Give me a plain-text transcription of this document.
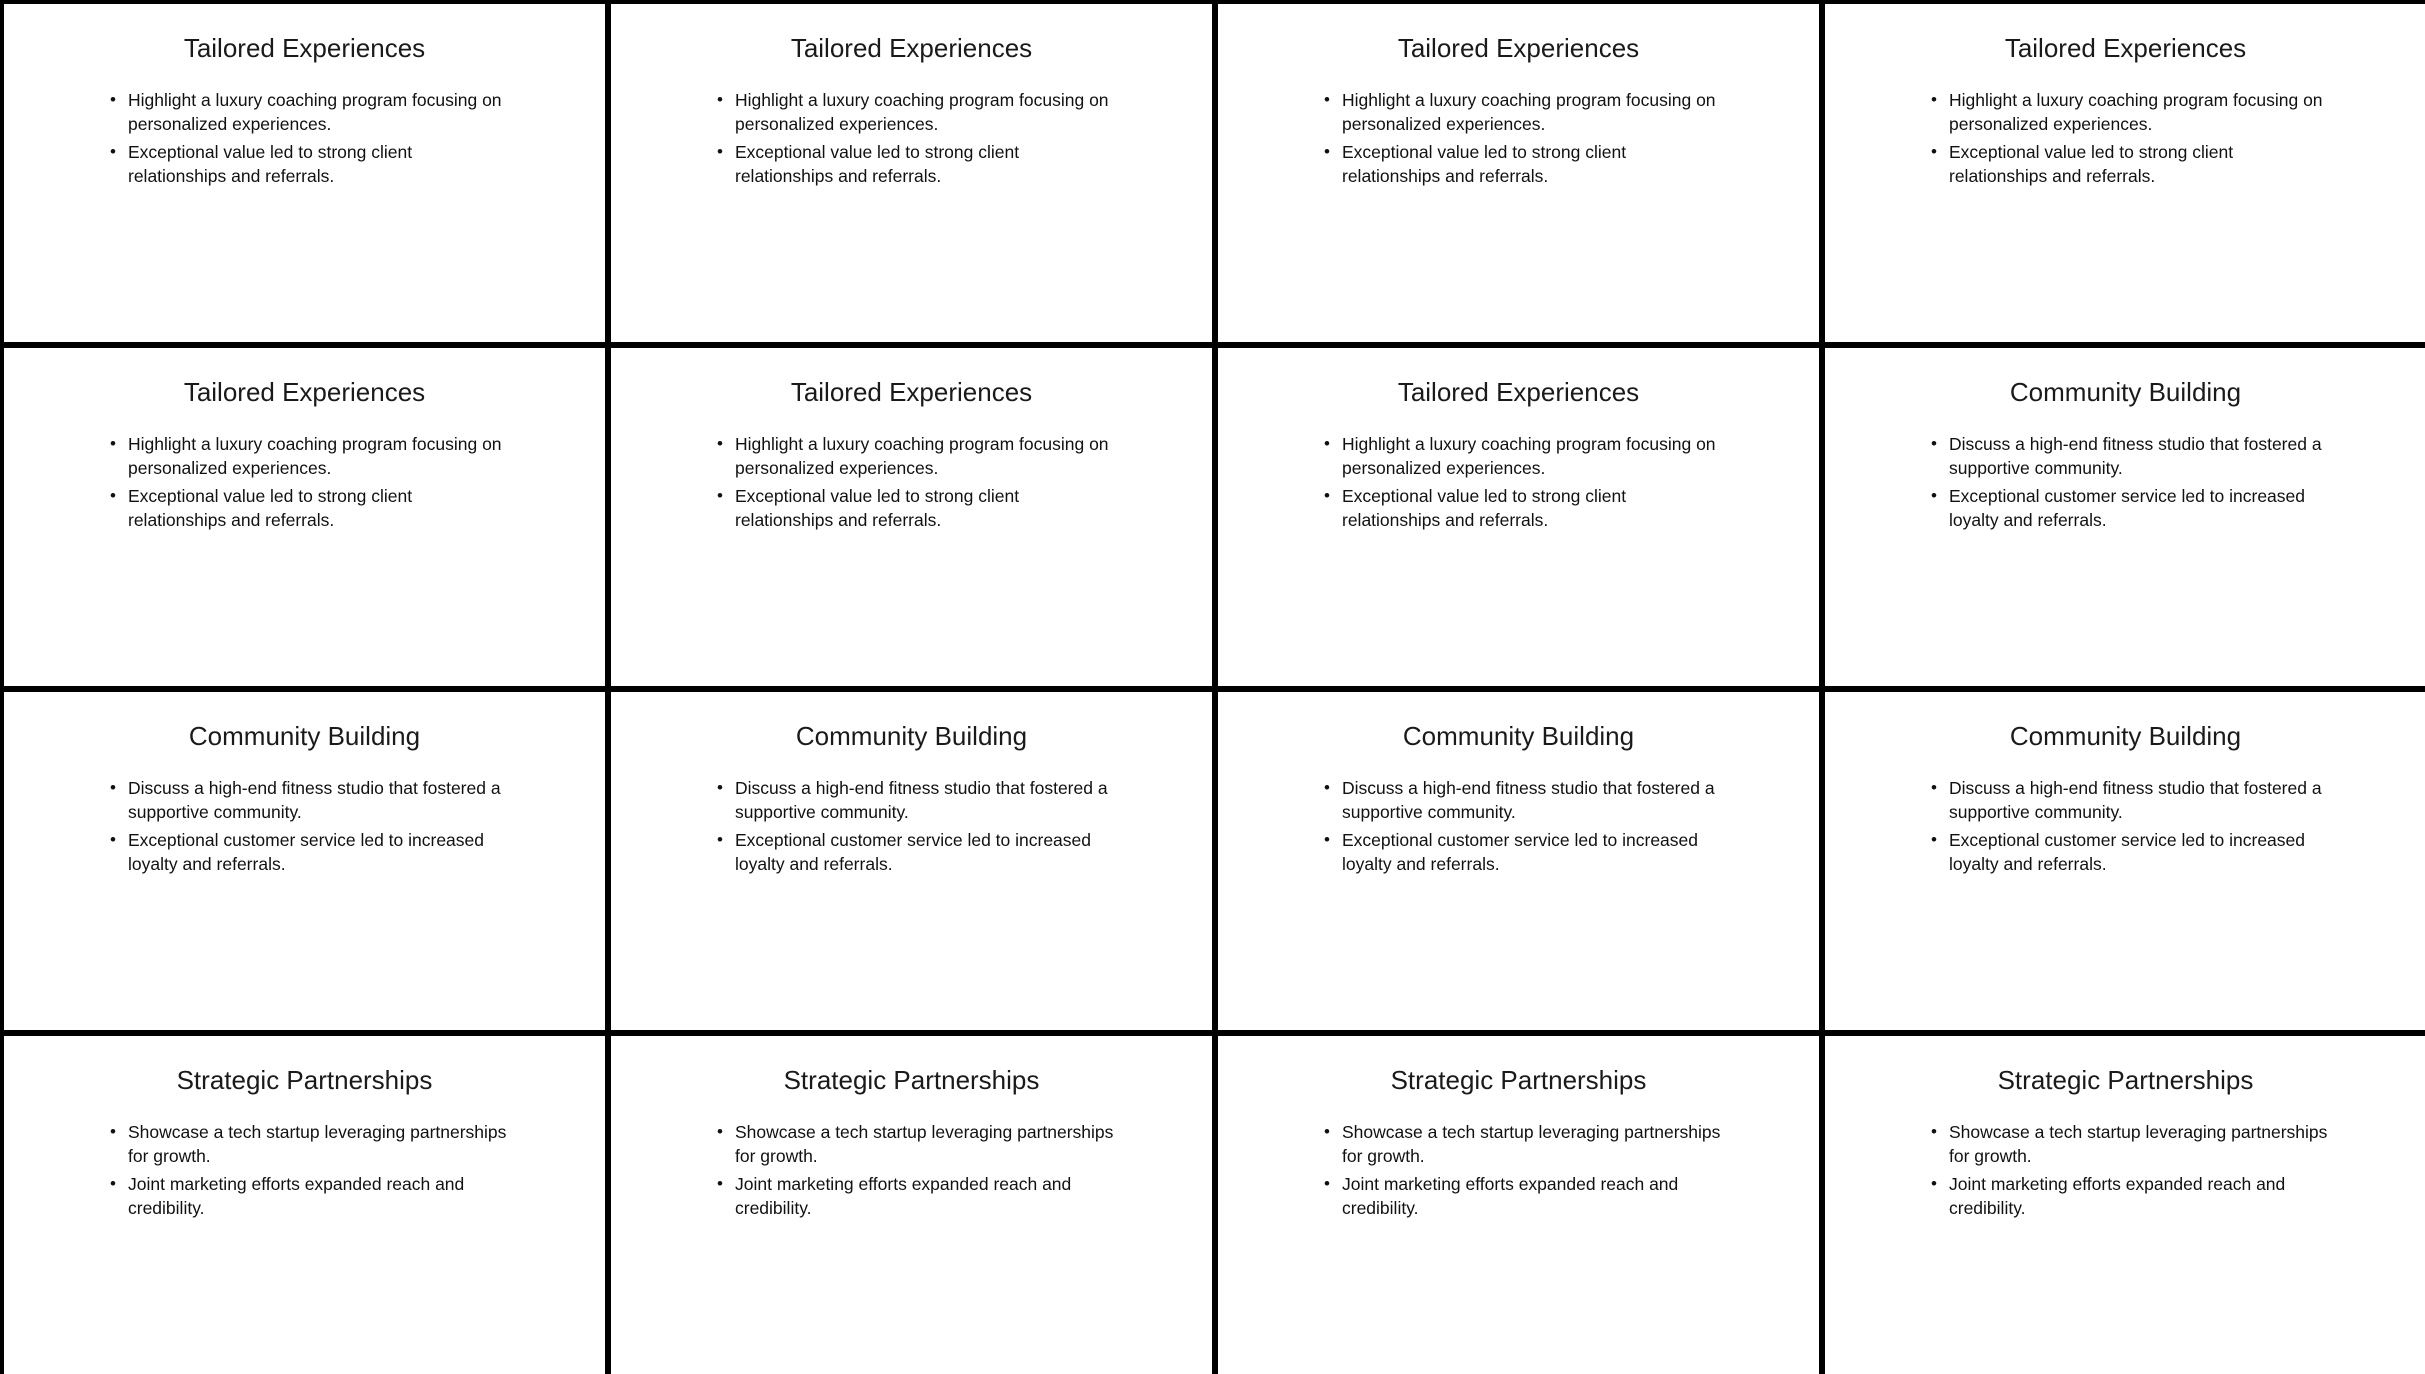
Tailored Experiences
• Highlight a luxury coaching program focusing on personalized experiences.
• Exceptional value led to strong client relationships and referrals.
Tailored Experiences
• Highlight a luxury coaching program focusing on personalized experiences.
• Exceptional value led to strong client relationships and referrals.
Tailored Experiences
• Highlight a luxury coaching program focusing on personalized experiences.
• Exceptional value led to strong client relationships and referrals.
Tailored Experiences
• Highlight a luxury coaching program focusing on personalized experiences.
• Exceptional value led to strong client relationships and referrals.
Tailored Experiences
• Highlight a luxury coaching program focusing on personalized experiences.
• Exceptional value led to strong client relationships and referrals.
Tailored Experiences
• Highlight a luxury coaching program focusing on personalized experiences.
• Exceptional value led to strong client relationships and referrals.
Tailored Experiences
• Highlight a luxury coaching program focusing on personalized experiences.
• Exceptional value led to strong client relationships and referrals.
Community Building
• Discuss a high-end fitness studio that fostered a supportive community.
• Exceptional customer service led to increased loyalty and referrals.
Community Building
• Discuss a high-end fitness studio that fostered a supportive community.
• Exceptional customer service led to increased loyalty and referrals.
Community Building
• Discuss a high-end fitness studio that fostered a supportive community.
• Exceptional customer service led to increased loyalty and referrals.
Community Building
• Discuss a high-end fitness studio that fostered a supportive community.
• Exceptional customer service led to increased loyalty and referrals.
Community Building
• Discuss a high-end fitness studio that fostered a supportive community.
• Exceptional customer service led to increased loyalty and referrals.
Strategic Partnerships
• Showcase a tech startup leveraging partnerships for growth.
• Joint marketing efforts expanded reach and credibility.
Strategic Partnerships
• Showcase a tech startup leveraging partnerships for growth.
• Joint marketing efforts expanded reach and credibility.
Strategic Partnerships
• Showcase a tech startup leveraging partnerships for growth.
• Joint marketing efforts expanded reach and credibility.
Strategic Partnerships
• Showcase a tech startup leveraging partnerships for growth.
• Joint marketing efforts expanded reach and credibility.
